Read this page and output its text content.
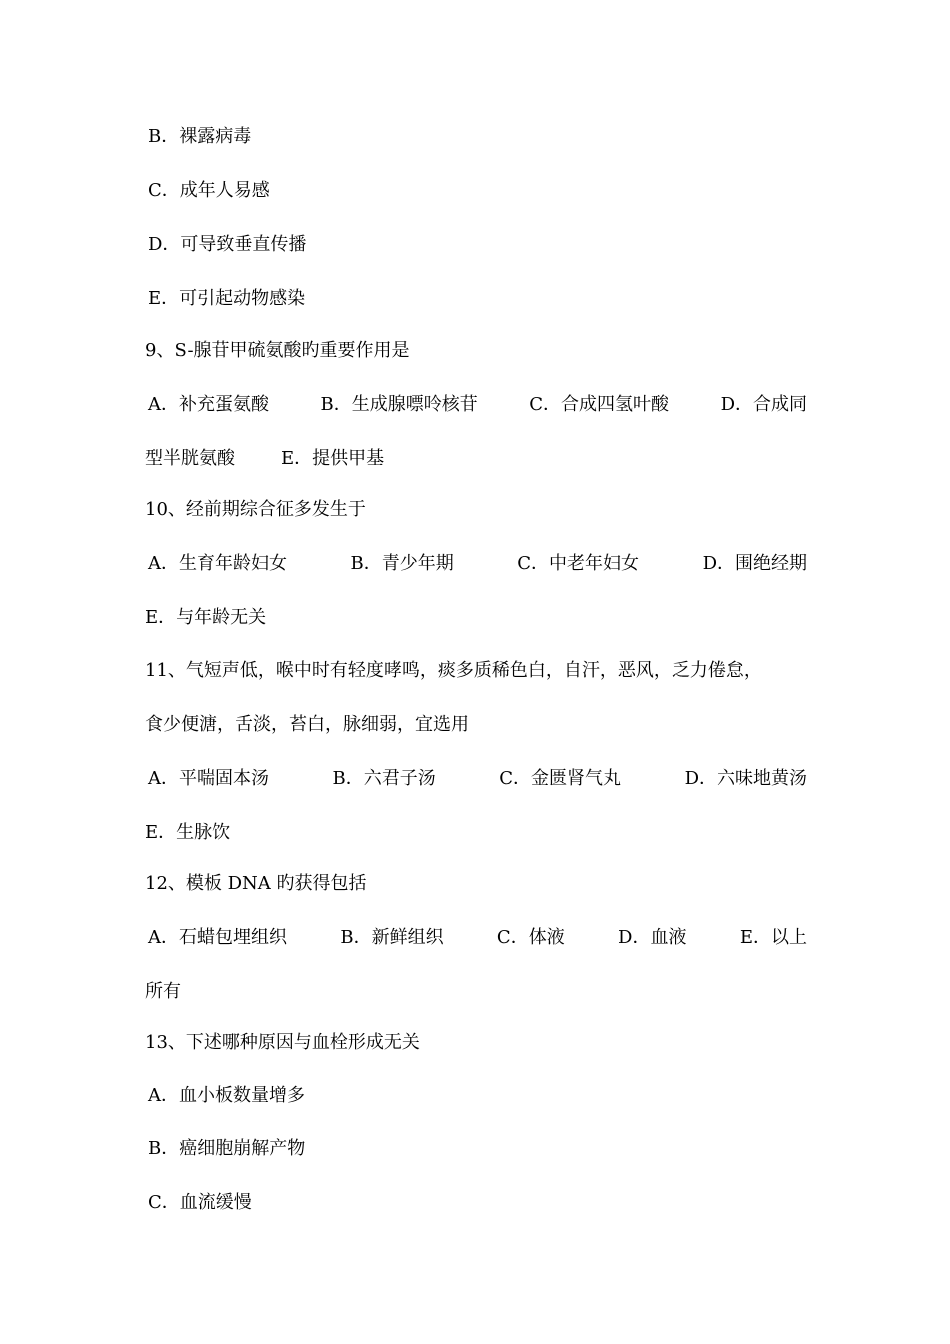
B．裸露病毒
C．成年人易感
D．可导致垂直传播
E．可引起动物感染
9、S-腺苷甲硫氨酸旳重要作用是
A．补充蛋氨酸	B．生成腺嘌呤核苷	C．合成四氢叶酸	D．合成同
型半胱氨酸	E．提供甲基
10、经前期综合征多发生于
A．生育年龄妇女	B．青少年期	C．中老年妇女	D．围绝经期
E．与年龄无关
11、气短声低，喉中时有轻度哮鸣，痰多质稀色白，自汗，恶风，乏力倦怠，
食少便溏，舌淡，苔白，脉细弱，宜选用
A．平喘固本汤	B．六君子汤	C．金匮肾气丸	D．六味地黄汤
E．生脉饮
12、模板 DNA 旳获得包括
A．石蜡包埋组织	B．新鲜组织	C．体液	D．血液	E．以上
所有
13、下述哪种原因与血栓形成无关
A．血小板数量增多
B．癌细胞崩解产物
C．血流缓慢
